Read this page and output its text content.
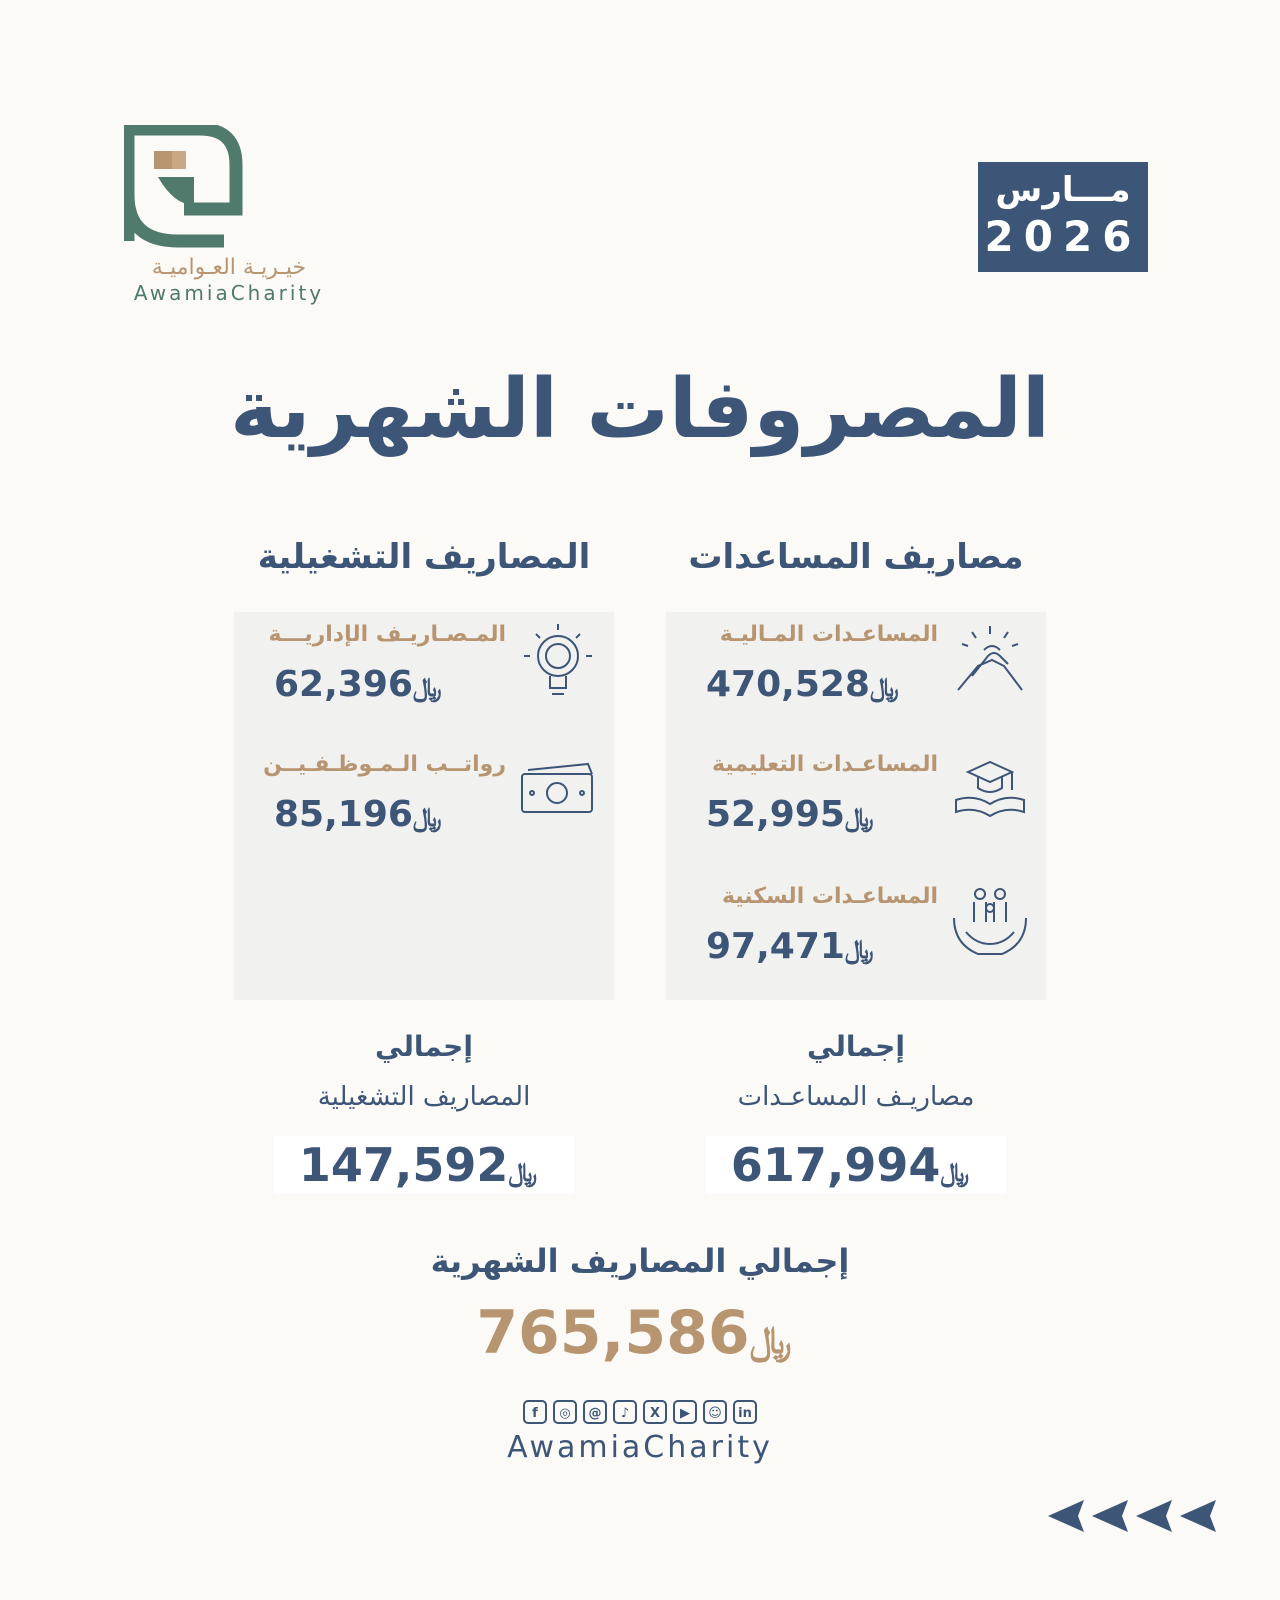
خيـريـة العـواميـة
AwamiaCharity
مـــارس
2026
المصروفات الشهرية
مصاريف المساعدات
المصاريف التشغيلية
المساعـدات المـاليـة
﷼470,528
المساعـدات التعليمية
﷼52,995
المساعـدات السكنية
﷼97,471
المـصـاريـف الإداريـــة
﷼62,396
رواتــب الـمـوظـفـيــن
﷼85,196
إجمالي
مصاريـف المساعـدات
﷼617,994
إجمالي
المصاريف التشغيلية
﷼147,592
إجمالي المصاريف الشهرية
﷼765,586
f ◎ @ ♪ X ▶ ☺ in
AwamiaCharity
